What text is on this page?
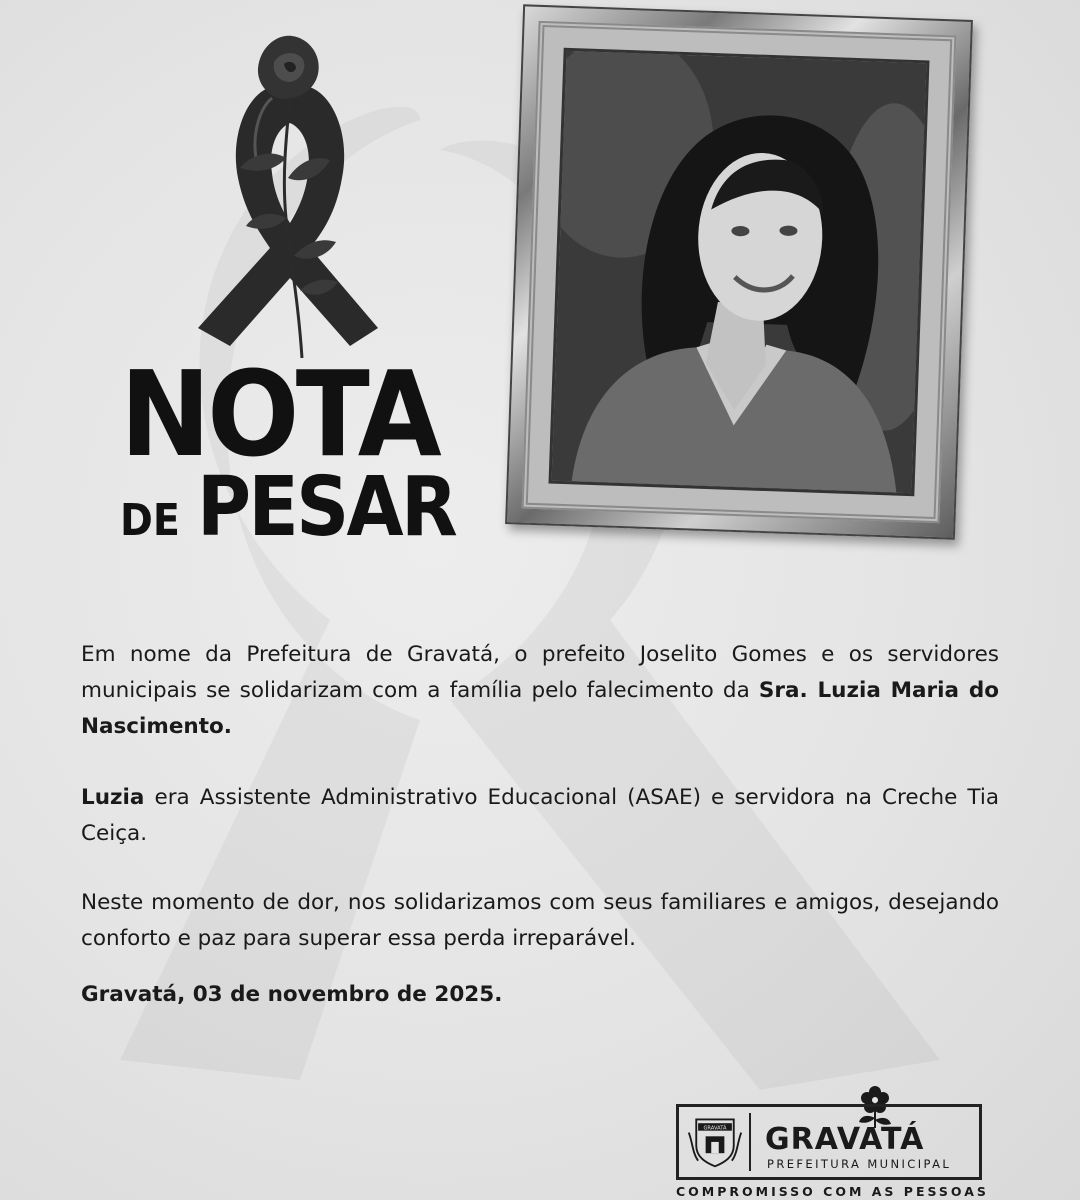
NOTA
DE PESAR

Em nome da Prefeitura de Gravatá, o prefeito Joselito Gomes e os servidores municipais se solidarizam com a família pelo falecimento da Sra. Luzia Maria do Nascimento.

Luzia era Assistente Administrativo Educacional (ASAE) e servidora na Creche Tia Ceiça.

Neste momento de dor, nos solidarizamos com seus familiares e amigos, desejando conforto e paz para superar essa perda irreparável.

Gravatá, 03 de novembro de 2025.
GRAVATÁ GRAVATÁ
PREFEITURA MUNICIPAL
COMPROMISSO COM AS PESSOAS
